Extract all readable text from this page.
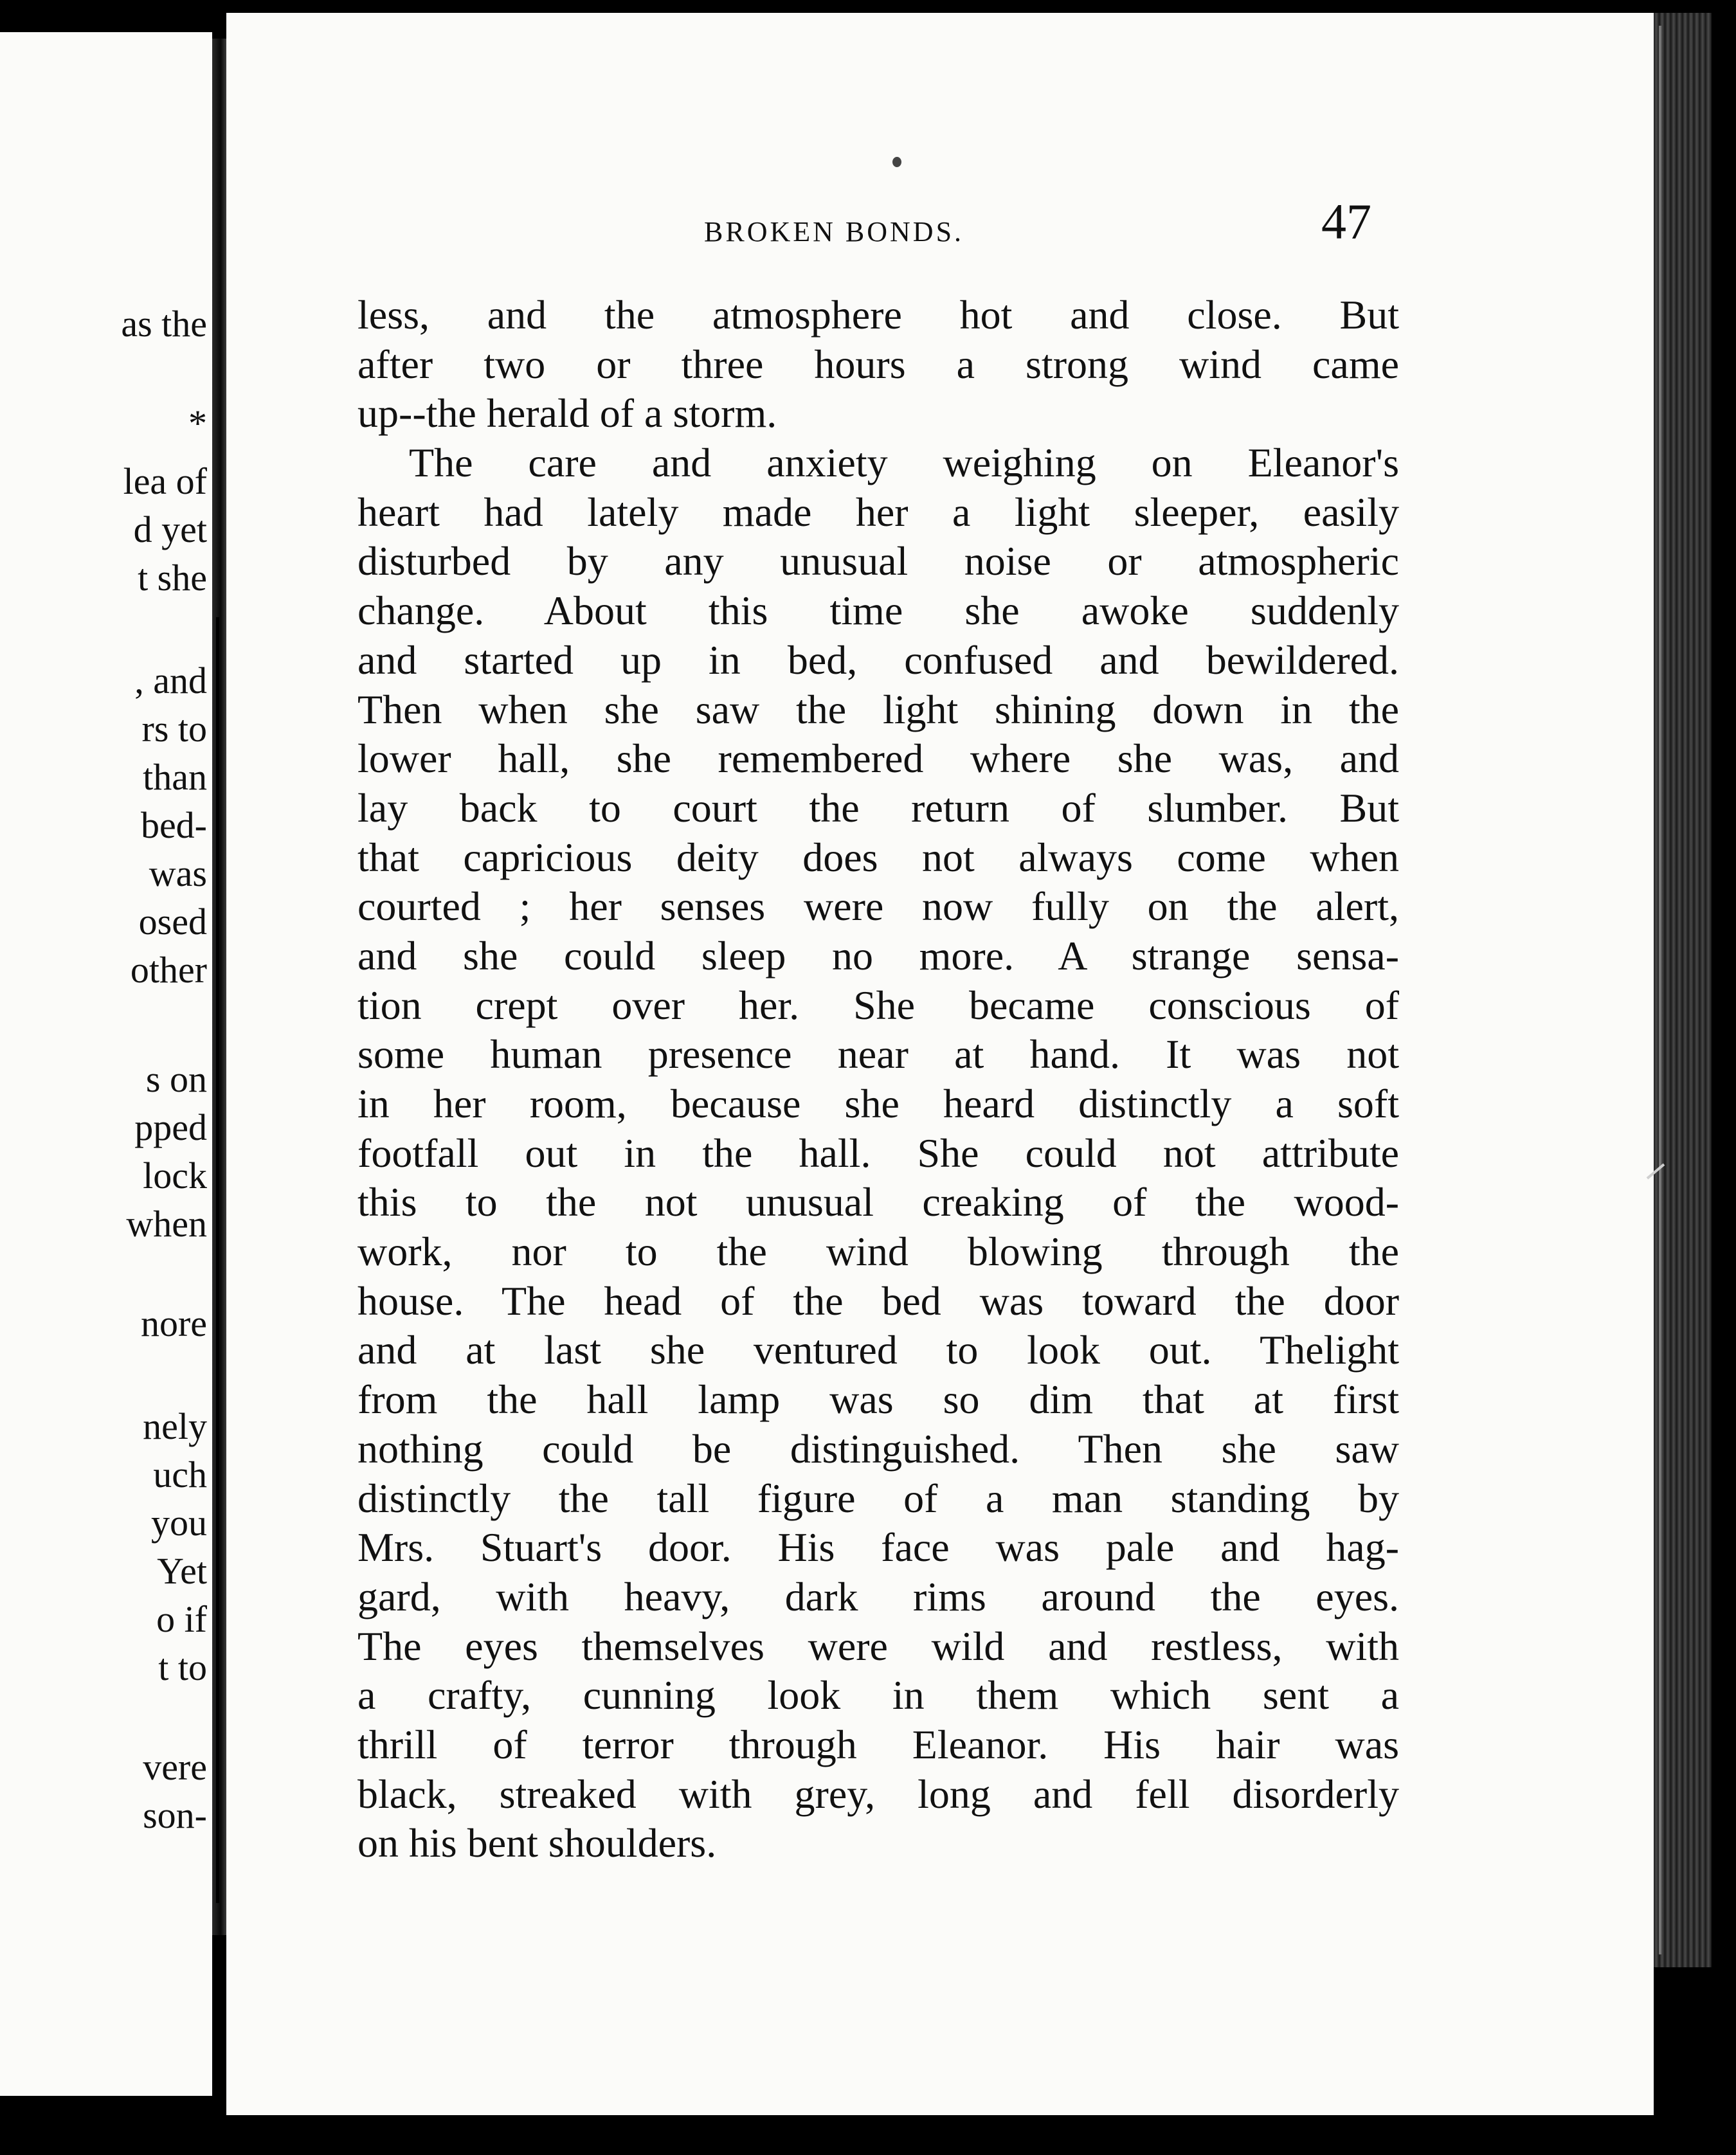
as the
*
lea of
d yet
t she
, and
rs to
than
bed-
was
osed
other
s on
pped
lock
when
nore
nely
uch
you
Yet
o if
t to
vere
son-
BROKEN BONDS.	47
less, and the atmosphere hot and close. But
after two or three hours a strong wind came
up--the herald of a storm.
The care and anxiety weighing on Eleanor's
heart had lately made her a light sleeper, easily
disturbed by any unusual noise or atmospheric
change. About this time she awoke suddenly
and started up in bed, confused and bewildered.
Then when she saw the light shining down in the
lower hall, she remembered where she was, and
lay back to court the return of slumber. But
that capricious deity does not always come when
courted ; her senses were now fully on the alert,
and she could sleep no more. A strange sensa-
tion crept over her. She became conscious of
some human presence near at hand. It was not
in her room, because she heard distinctly a soft
footfall out in the hall. She could not attribute
this to the not unusual creaking of the wood-
work, nor to the wind blowing through the
house. The head of the bed was toward the door
and at last she ventured to look out. Thelight
from the hall lamp was so dim that at first
nothing could be distinguished. Then she saw
distinctly the tall figure of a man standing by
Mrs. Stuart's door. His face was pale and hag-
gard, with heavy, dark rims around the eyes.
The eyes themselves were wild and restless, with
a crafty, cunning look in them which sent a
thrill of terror through Eleanor. His hair was
black, streaked with grey, long and fell disorderly
on his bent shoulders.
